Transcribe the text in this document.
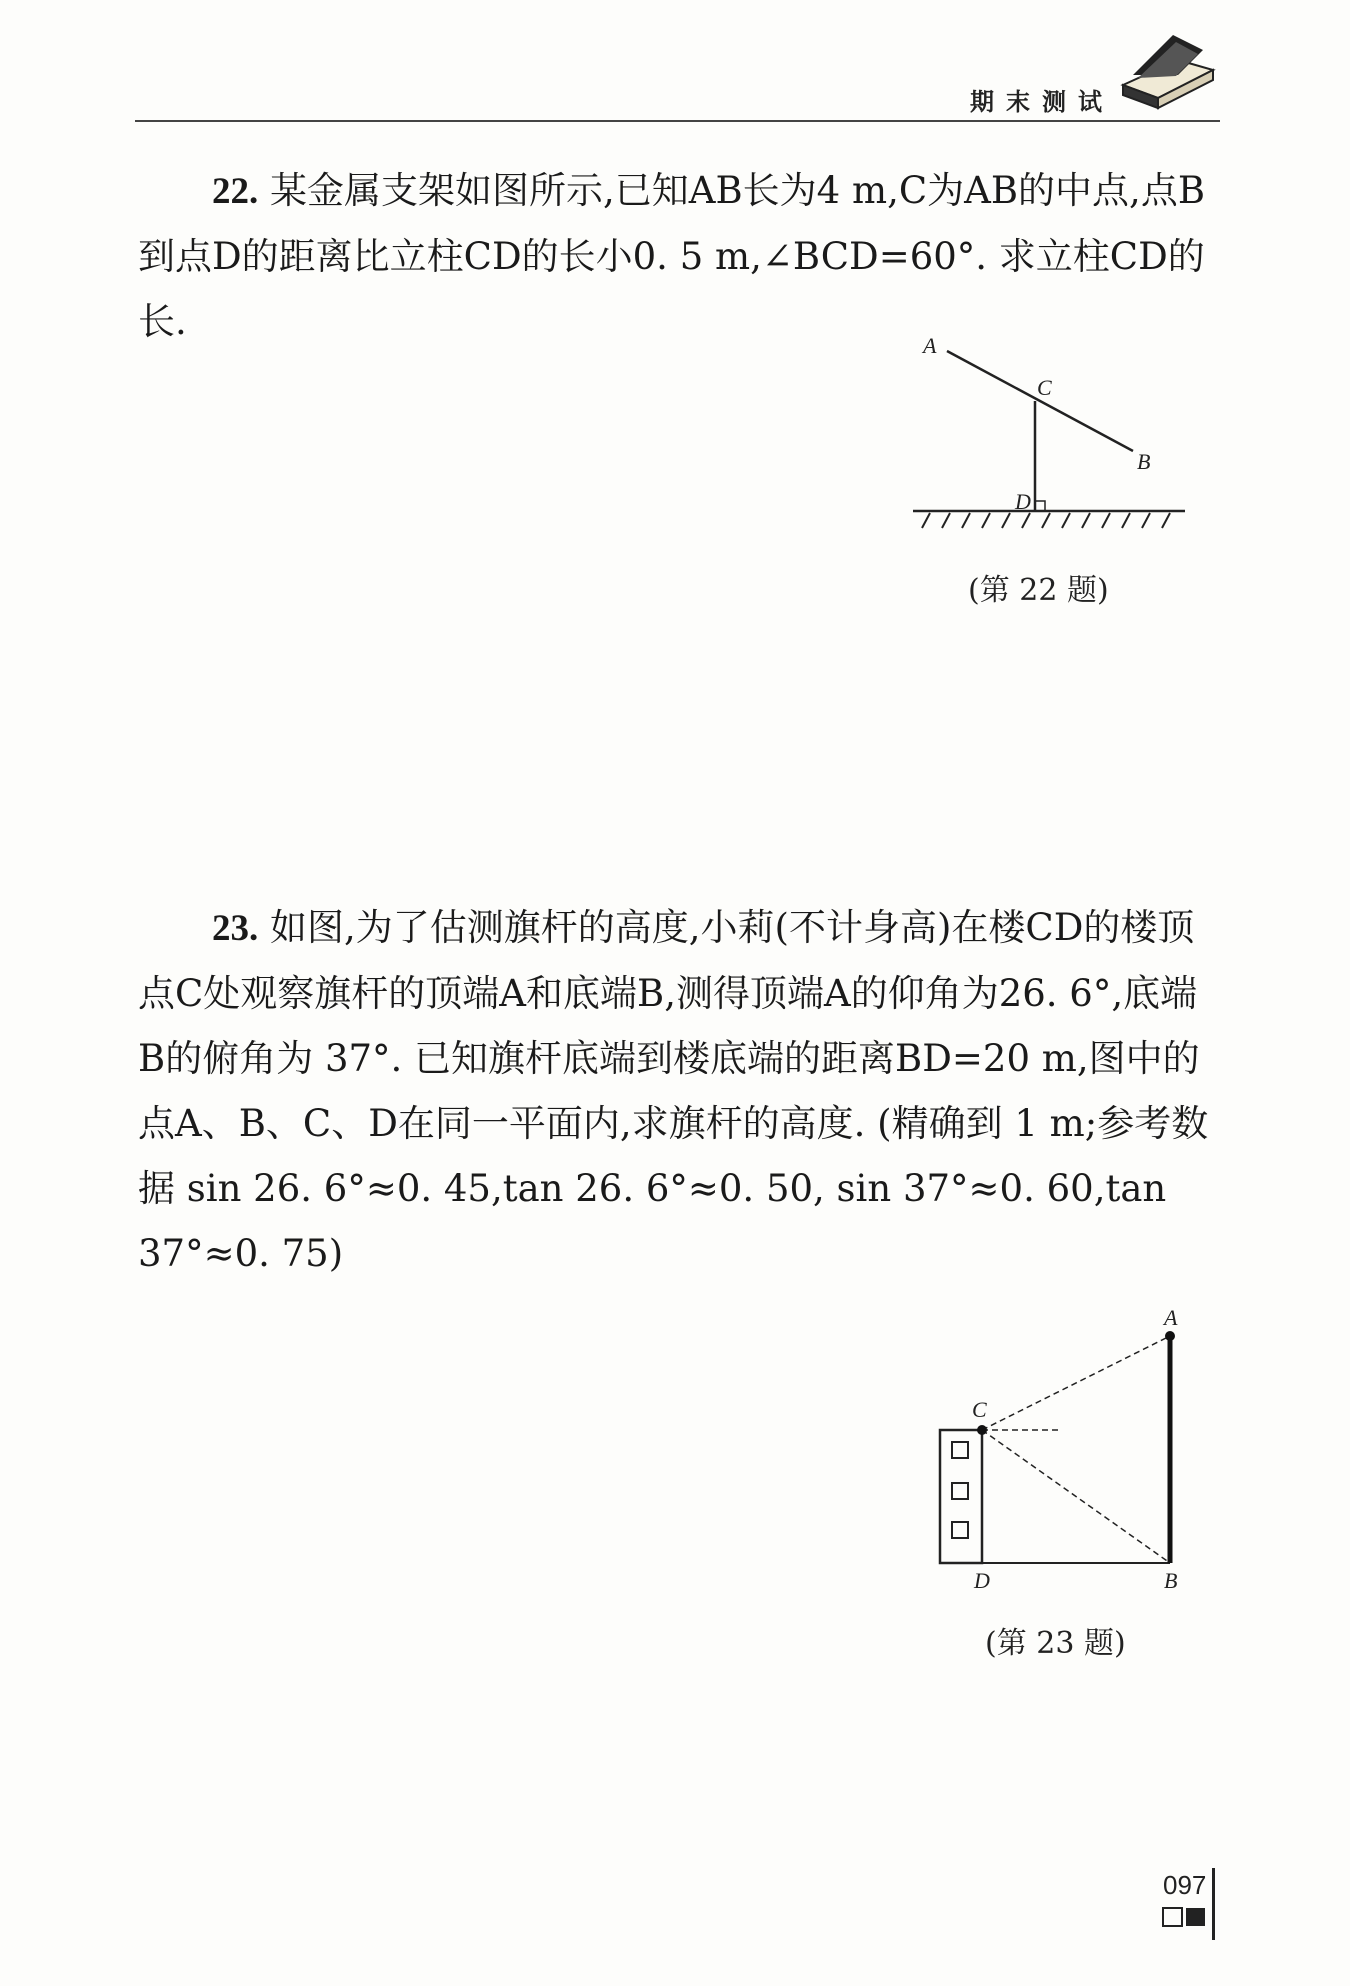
期末测试

22. 某金属支架如图所示,已知AB长为4 m,C为AB的中点,点B到点D的距离比立柱CD的长小0. 5 m,∠BCD=60°. 求立柱CD的长.

A
C
B
D
(第 22 题)

23. 如图,为了估测旗杆的高度,小莉(不计身高)在楼CD的楼顶点C处观察旗杆的顶端A和底端B,测得顶端A的仰角为26. 6°,底端B的俯角为 37°. 已知旗杆底端到楼底端的距离BD=20 m,图中的点A、B、C、D在同一平面内,求旗杆的高度. (精确到 1 m;参考数据 sin 26. 6°≈0. 45,tan 26. 6°≈0. 50, sin 37°≈0. 60,tan 37°≈0. 75)

A
C
D	B
(第 23 题)
097
